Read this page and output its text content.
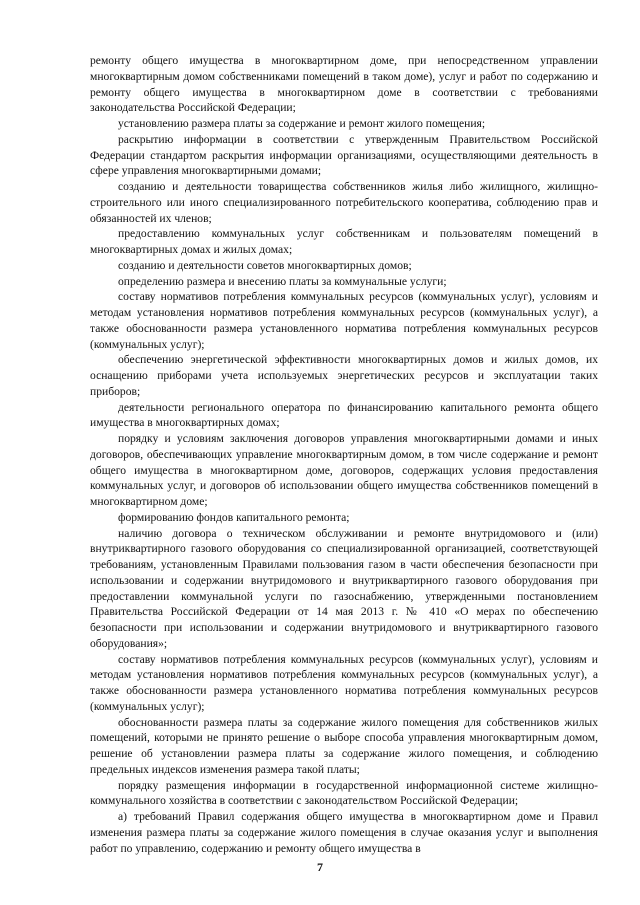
ремонту общего имущества в многоквартирном доме, при непосредственном управлении многоквартирным домом собственниками помещений в таком доме), услуг и работ по содержанию и ремонту общего имущества в многоквартирном доме в соответствии с требованиями законодательства Российской Федерации;

установлению размера платы за содержание и ремонт жилого помещения;

раскрытию информации в соответствии с утвержденным Правительством Российской Федерации стандартом раскрытия информации организациями, осуществляющими деятельность в сфере управления многоквартирными домами;

созданию и деятельности товарищества собственников жилья либо жилищного, жилищно-строительного или иного специализированного потребительского кооператива, соблюдению прав и обязанностей их членов;

предоставлению коммунальных услуг собственникам и пользователям помещений в многоквартирных домах и жилых домах;

созданию и деятельности советов многоквартирных домов;

определению размера и внесению платы за коммунальные услуги;

составу нормативов потребления коммунальных ресурсов (коммунальных услуг), условиям и методам установления нормативов потребления коммунальных ресурсов (коммунальных услуг), а также обоснованности размера установленного норматива потребления коммунальных ресурсов (коммунальных услуг);

обеспечению энергетической эффективности многоквартирных домов и жилых домов, их оснащению приборами учета используемых энергетических ресурсов и эксплуатации таких приборов;

деятельности регионального оператора по финансированию капитального ремонта общего имущества в многоквартирных домах;

порядку и условиям заключения договоров управления многоквартирными домами и иных договоров, обеспечивающих управление многоквартирным домом, в том числе содержание и ремонт общего имущества в многоквартирном доме, договоров, содержащих условия предоставления коммунальных услуг, и договоров об использовании общего имущества собственников помещений в многоквартирном доме;

формированию фондов капитального ремонта;

наличию договора о техническом обслуживании и ремонте внутридомового и (или) внутриквартирного газового оборудования со специализированной организацией, соответствующей требованиям, установленным Правилами пользования газом в части обеспечения безопасности при использовании и содержании внутридомового и внутриквартирного газового оборудования при предоставлении коммунальной услуги по газоснабжению, утвержденными постановлением Правительства Российской Федерации от 14 мая 2013 г. № 410 «О мерах по обеспечению безопасности при использовании и содержании внутридомового и внутриквартирного газового оборудования»;

составу нормативов потребления коммунальных ресурсов (коммунальных услуг), условиям и методам установления нормативов потребления коммунальных ресурсов (коммунальных услуг), а также обоснованности размера установленного норматива потребления коммунальных ресурсов (коммунальных услуг);

обоснованности размера платы за содержание жилого помещения для собственников жилых помещений, которыми не принято решение о выборе способа управления многоквартирным домом, решение об установлении размера платы за содержание жилого помещения, и соблюдению предельных индексов изменения размера такой платы;

порядку размещения информации в государственной информационной системе жилищно-коммунального хозяйства в соответствии с законодательством Российской Федерации;

а) требований Правил содержания общего имущества в многоквартирном доме и Правил изменения размера платы за содержание жилого помещения в случае оказания услуг и выполнения работ по управлению, содержанию и ремонту общего имущества в

7
